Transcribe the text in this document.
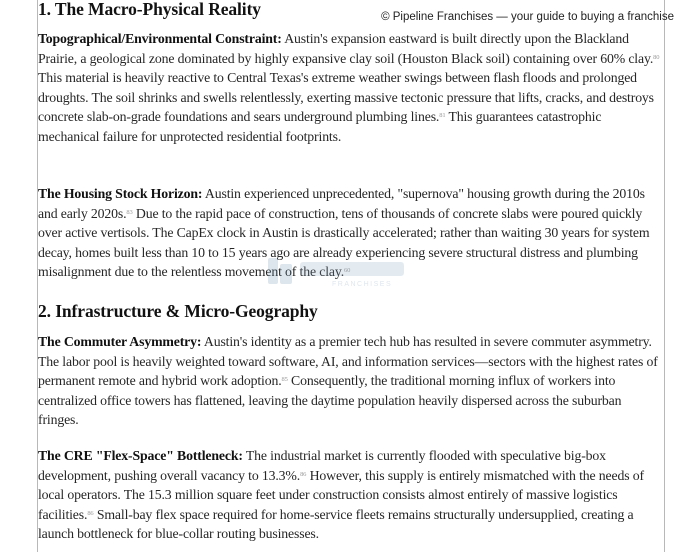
© Pipeline Franchises — your guide to buying a franchise
1. The Macro-Physical Reality

Topographical/Environmental Constraint: Austin's expansion eastward is built directly upon the Blackland Prairie, a geological zone dominated by highly expansive clay soil (Houston Black soil) containing over 60% clay.$^{80}$ This material is heavily reactive to Central Texas's extreme weather swings between flash floods and prolonged droughts. The soil shrinks and swells relentlessly, exerting massive tectonic pressure that lifts, cracks, and destroys concrete slab-on-grade foundations and sears underground plumbing lines.$^{81}$ This guarantees catastrophic mechanical failure for unprotected residential footprints.

The Housing Stock Horizon: Austin experienced unprecedented, "supernova" housing growth during the 2010s and early 2020s.$^{83}$ Due to the rapid pace of construction, tens of thousands of concrete slabs were poured quickly over active vertisols. The CapEx clock in Austin is drastically accelerated; rather than waiting 30 years for system decay, homes built less than 10 to 15 years ago are already experiencing severe structural distress and plumbing misalignment due to the relentless movement of the clay.$^{60}$

2. Infrastructure & Micro-Geography

The Commuter Asymmetry: Austin's identity as a premier tech hub has resulted in severe commuter asymmetry. The labor pool is heavily weighted toward software, AI, and information services—sectors with the highest rates of permanent remote and hybrid work adoption.$^{85}$ Consequently, the traditional morning influx of workers into centralized office towers has flattened, leaving the daytime population heavily dispersed across the suburban fringes.

The CRE "Flex-Space" Bottleneck: The industrial market is currently flooded with speculative big-box development, pushing overall vacancy to 13.3%.$^{86}$ However, this supply is entirely mismatched with the needs of local operators. The 15.3 million square feet under construction consists almost entirely of massive logistics facilities.$^{86}$ Small-bay flex space required for home-service fleets remains structurally undersupplied, creating a launch bottleneck for blue-collar routing businesses.

FRANCHISES
